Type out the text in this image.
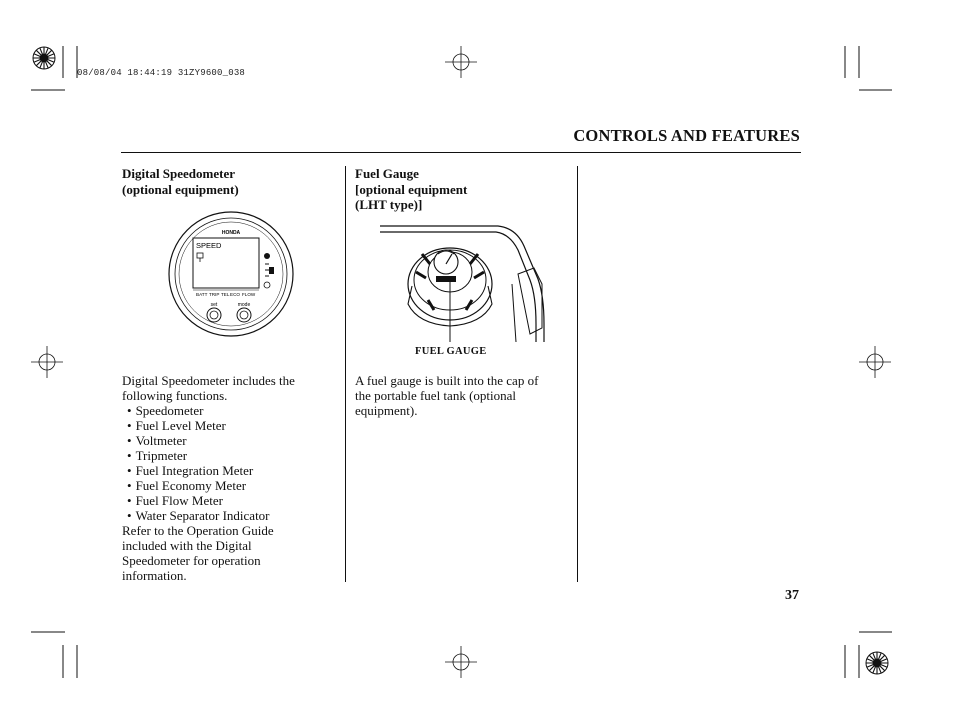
08/08/04 18:44:19 31ZY9600_038
CONTROLS AND FEATURES
Digital Speedometer
(optional equipment)
HONDA
SPEED
BATT TRIP TEL ECO FLOW
set	mode
Digital Speedometer includes the
following functions.
• Speedometer
• Fuel Level Meter
• Voltmeter
• Tripmeter
• Fuel Integration Meter
• Fuel Economy Meter
• Fuel Flow Meter
• Water Separator Indicator
Refer to the Operation Guide
included with the Digital
Speedometer for operation
information.
Fuel Gauge
[optional equipment
(LHT type)]
FUEL GAUGE
A fuel gauge is built into the cap of
the portable fuel tank (optional
equipment).
37
